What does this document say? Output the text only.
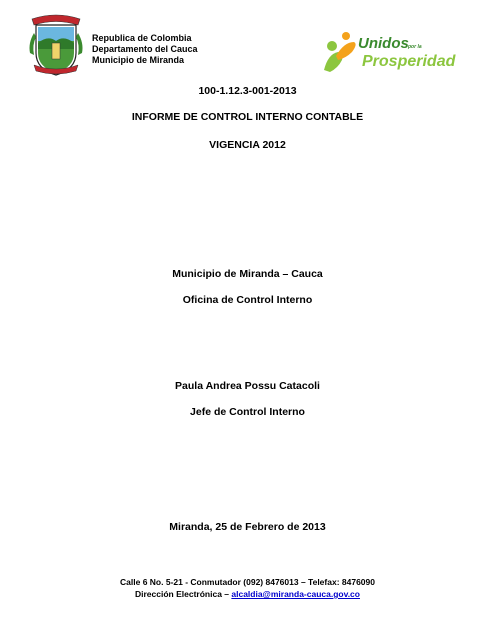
Republica de Colombia
Departamento del Cauca
Municipio de Miranda
Unidos por la
Prosperidad
100-1.12.3-001-2013
INFORME DE CONTROL INTERNO CONTABLE
VIGENCIA 2012
Municipio de Miranda – Cauca
Oficina de Control Interno
Paula Andrea Possu Catacoli
Jefe de Control Interno
Miranda, 25 de Febrero de 2013
Calle 6 No. 5-21 - Conmutador (092) 8476013 – Telefax: 8476090
Dirección Electrónica – alcaldia@miranda-cauca.gov.co
